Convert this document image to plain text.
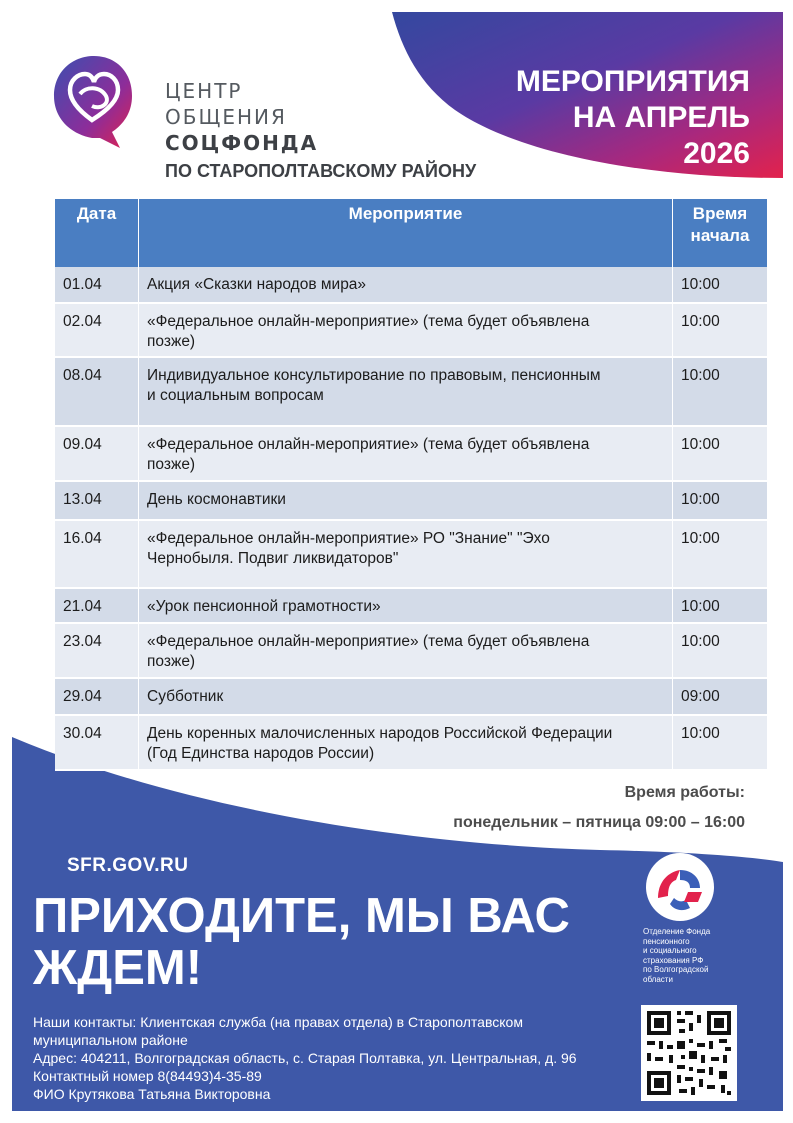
ЦЕНТР
ОБЩЕНИЯ
СОЦФОНДА
ПО СТАРОПОЛТАВСКОМУ РАЙОНУ
МЕРОПРИЯТИЯ
НА АПРЕЛЬ
2026
Дата	Мероприятие	Время
начала

01.04	Акция «Сказки народов мира»	10:00
02.04	«Федеральное онлайн-мероприятие» (тема будет объявлена
позже)	10:00
08.04	Индивидуальное консультирование по правовым, пенсионным
и социальным вопросам	10:00
09.04	«Федеральное онлайн-мероприятие» (тема будет объявлена
позже)	10:00
13.04	День космонавтики	10:00
16.04	«Федеральное онлайн-мероприятие» РО "Знание" "Эхо
Чернобыля. Подвиг ликвидаторов"	10:00
21.04	«Урок пенсионной грамотности»	10:00
23.04	«Федеральное онлайн-мероприятие» (тема будет объявлена
позже)	10:00
29.04	Субботник	09:00
30.04	День коренных малочисленных народов Российской Федерации
(Год Единства народов России)	10:00
Время работы:
понедельник – пятница 09:00 – 16:00
SFR.GOV.RU
ПРИХОДИТЕ, МЫ ВАС
ЖДЕМ!
Отделение Фонда
пенсионного
и социального
страхования РФ
по Волгоградской
области
Наши контакты: Клиентская служба (на правах отдела) в Старополтавском
муниципальном районе
Адрес: 404211, Волгоградская область, с. Старая Полтавка, ул. Центральная, д. 96
Контактный номер 8(84493)4-35-89
ФИО Крутякова Татьяна Викторовна
